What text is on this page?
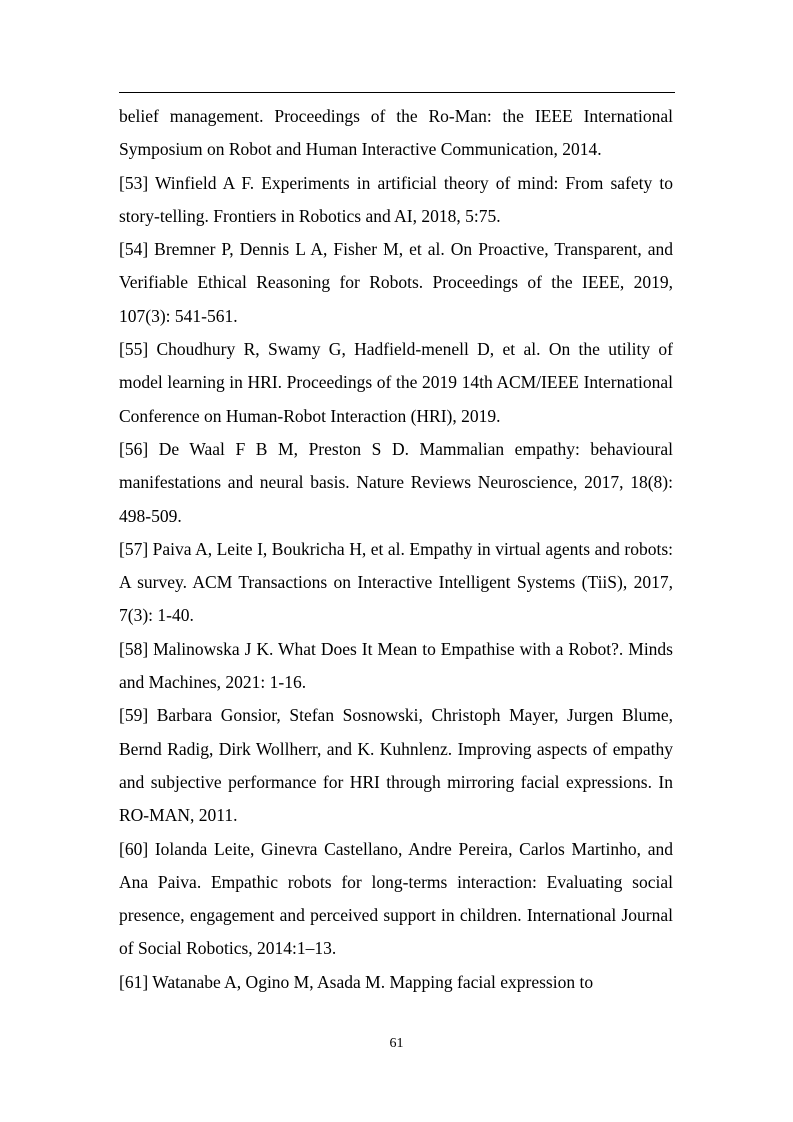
belief management. Proceedings of the Ro-Man: the IEEE International Symposium on Robot and Human Interactive Communication, 2014.
[53] Winfield A F. Experiments in artificial theory of mind: From safety to story-telling. Frontiers in Robotics and AI, 2018, 5:75.
[54] Bremner P, Dennis L A, Fisher M, et al. On Proactive, Transparent, and Verifiable Ethical Reasoning for Robots. Proceedings of the IEEE, 2019, 107(3): 541-561.
[55] Choudhury R, Swamy G, Hadfield-menell D, et al. On the utility of model learning in HRI. Proceedings of the 2019 14th ACM/IEEE International Conference on Human-Robot Interaction (HRI), 2019.
[56] De Waal F B M, Preston S D. Mammalian empathy: behavioural manifestations and neural basis. Nature Reviews Neuroscience, 2017, 18(8): 498-509.
[57] Paiva A, Leite I, Boukricha H, et al. Empathy in virtual agents and robots: A survey. ACM Transactions on Interactive Intelligent Systems (TiiS), 2017, 7(3): 1-40.
[58] Malinowska J K. What Does It Mean to Empathise with a Robot?. Minds and Machines, 2021: 1-16.
[59] Barbara Gonsior, Stefan Sosnowski, Christoph Mayer, Jurgen Blume, Bernd Radig, Dirk Wollherr, and K. Kuhnlenz. Improving aspects of empathy and subjective performance for HRI through mirroring facial expressions. In RO-MAN, 2011.
[60] Iolanda Leite, Ginevra Castellano, Andre Pereira, Carlos Martinho, and Ana Paiva. Empathic robots for long-terms interaction: Evaluating social presence, engagement and perceived support in children. International Journal of Social Robotics, 2014:1–13.
[61] Watanabe A, Ogino M, Asada M. Mapping facial expression to
61
